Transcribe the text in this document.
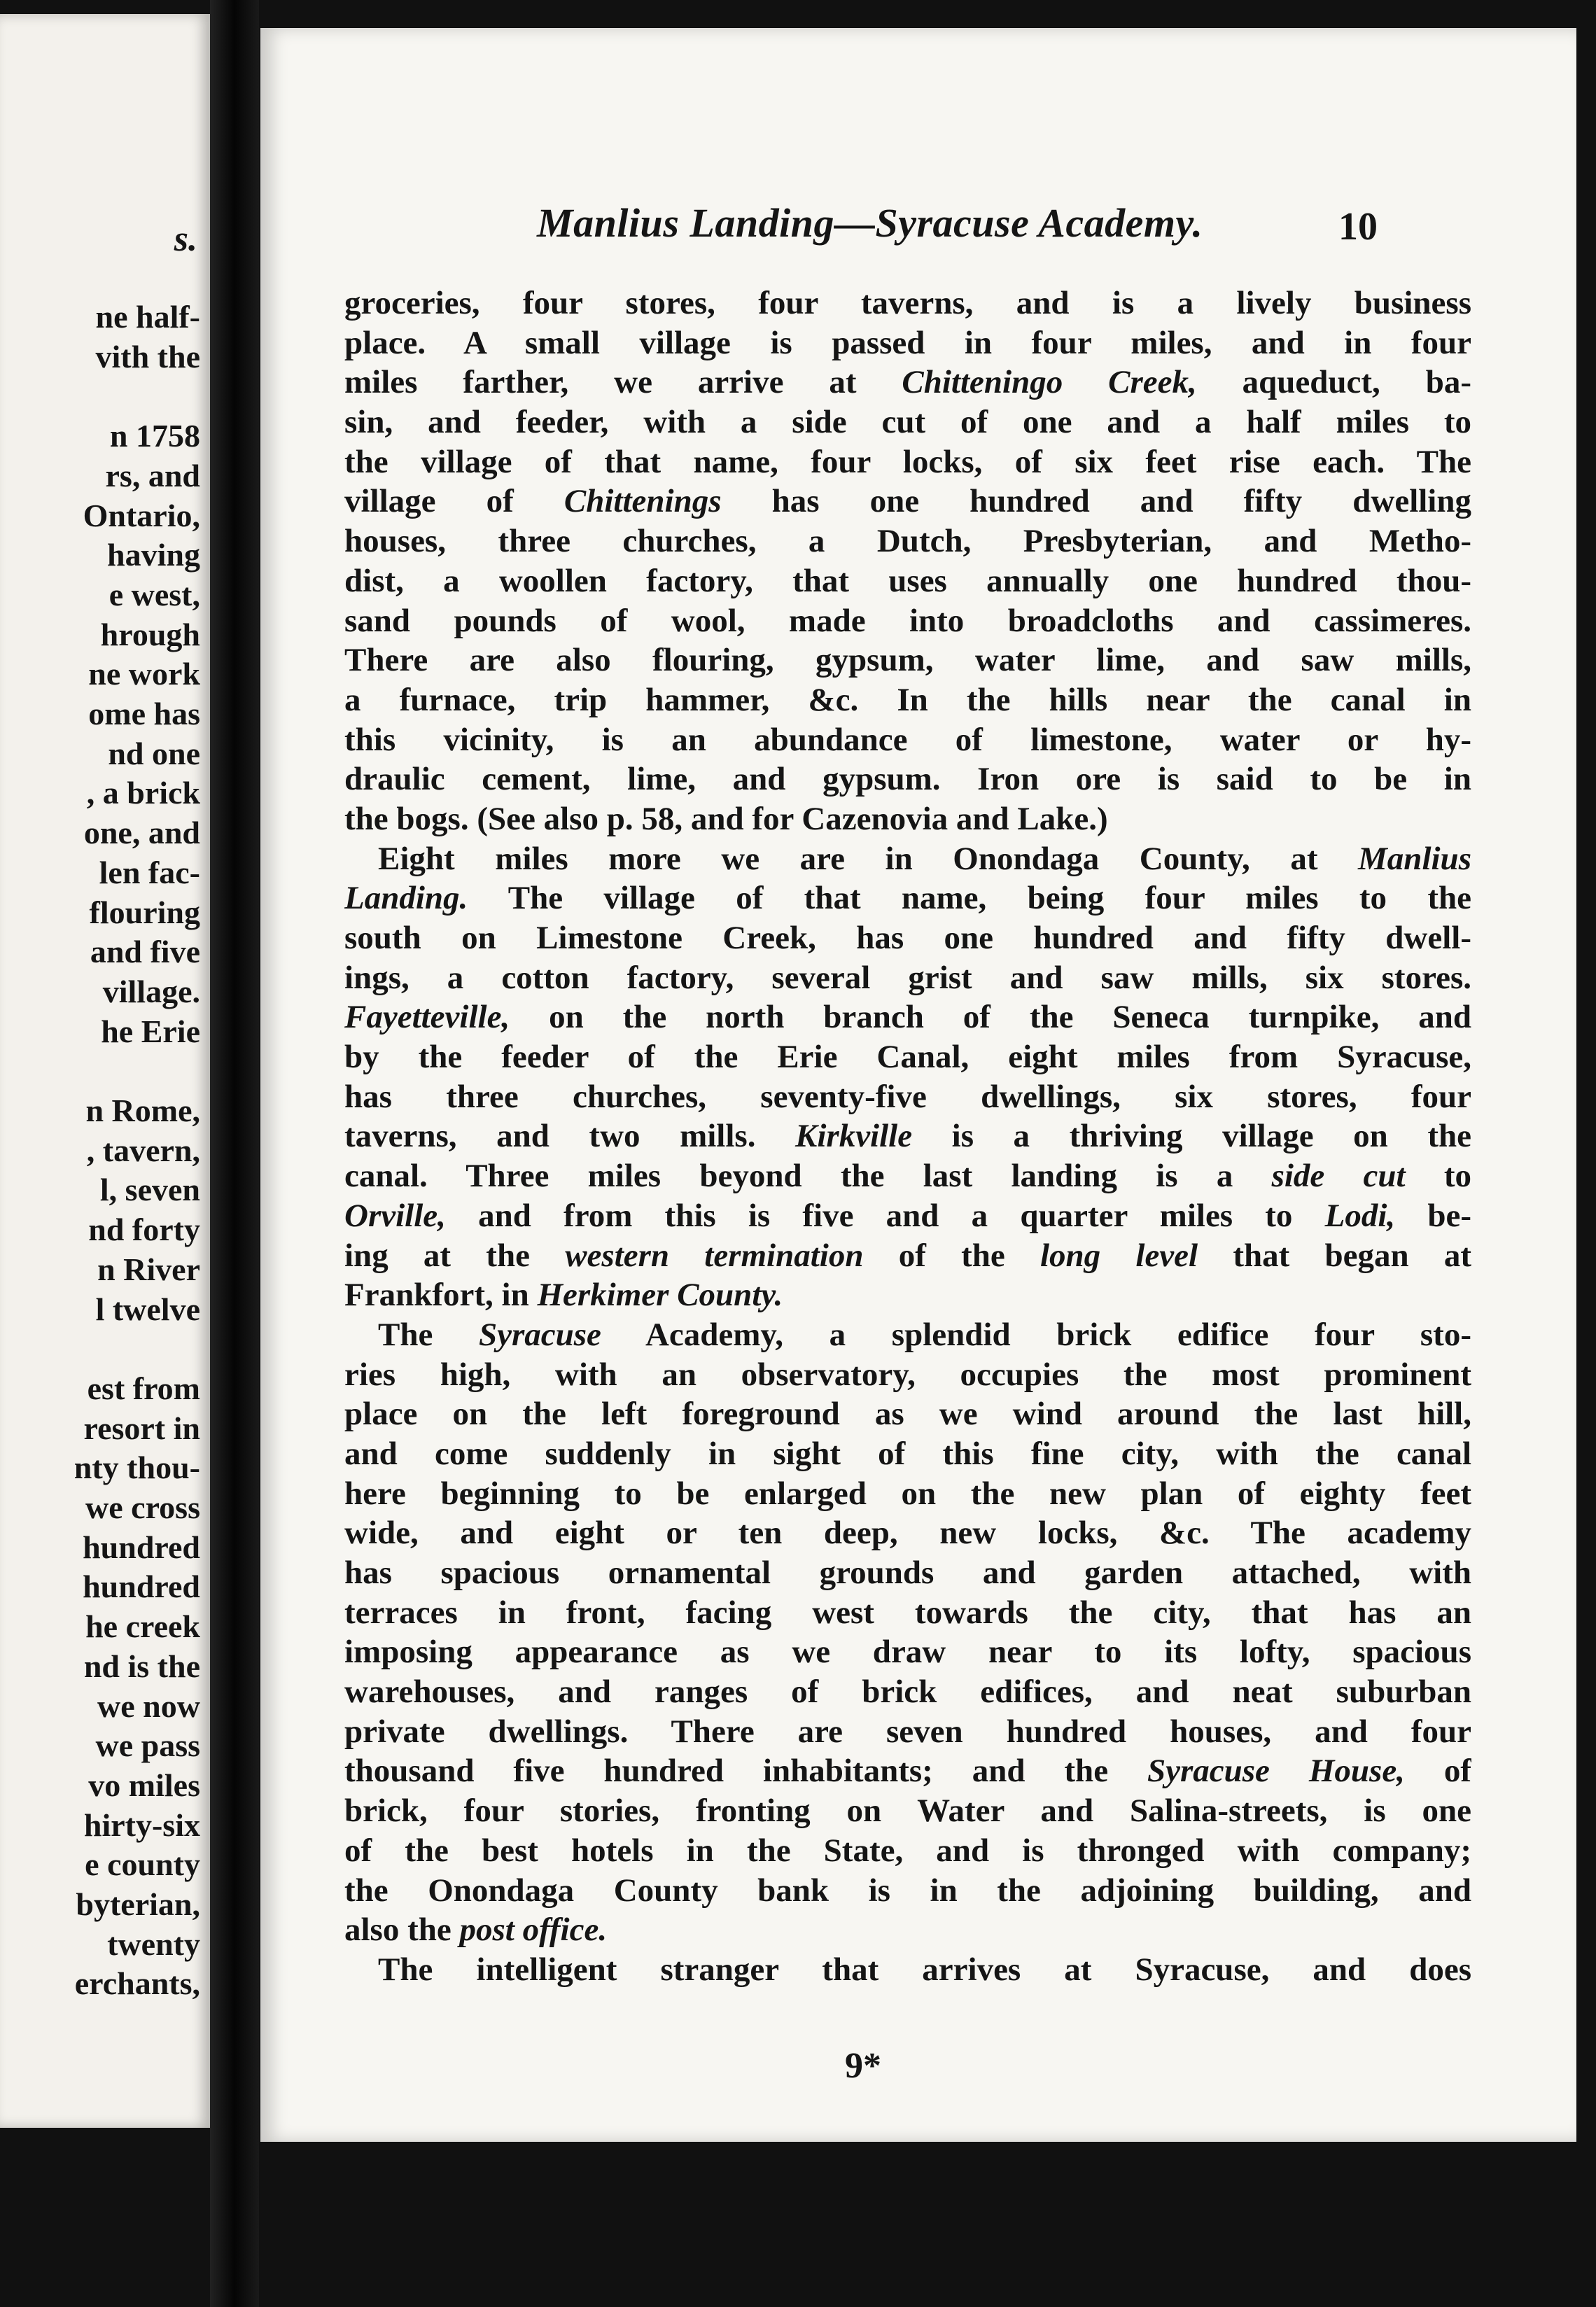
s.
ne half-
vith the
n 1758
rs, and
Ontario,
having
e west,
hrough
ne work
ome has
nd one
, a brick
one, and
len fac-
flouring
and five
village.
he Erie
n Rome,
, tavern,
l, seven
nd forty
n River
l twelve
est from
resort in
nty thou-
we cross
hundred
hundred
he creek
nd is the
we now
we pass
vo miles
hirty-six
e county
byterian,
twenty
erchants,
Manlius Landing—Syracuse Academy.	10
groceries, four stores, four taverns, and is a lively business
place. A small village is passed in four miles, and in four
miles farther, we arrive at Chitteningo Creek, aqueduct, ba-
sin, and feeder, with a side cut of one and a half miles to
the village of that name, four locks, of six feet rise each. The
village of Chittenings has one hundred and fifty dwelling
houses, three churches, a Dutch, Presbyterian, and Metho-
dist, a woollen factory, that uses annually one hundred thou-
sand pounds of wool, made into broadcloths and cassimeres.
There are also flouring, gypsum, water lime, and saw mills,
a furnace, trip hammer, &c. In the hills near the canal in
this vicinity, is an abundance of limestone, water or hy-
draulic cement, lime, and gypsum. Iron ore is said to be in
the bogs. (See also p. 58, and for Cazenovia and Lake.)
Eight miles more we are in Onondaga County, at Manlius
Landing. The village of that name, being four miles to the
south on Limestone Creek, has one hundred and fifty dwell-
ings, a cotton factory, several grist and saw mills, six stores.
Fayetteville, on the north branch of the Seneca turnpike, and
by the feeder of the Erie Canal, eight miles from Syracuse,
has three churches, seventy-five dwellings, six stores, four
taverns, and two mills. Kirkville is a thriving village on the
canal. Three miles beyond the last landing is a side cut to
Orville, and from this is five and a quarter miles to Lodi, be-
ing at the western termination of the long level that began at
Frankfort, in Herkimer County.
The Syracuse Academy, a splendid brick edifice four sto-
ries high, with an observatory, occupies the most prominent
place on the left foreground as we wind around the last hill,
and come suddenly in sight of this fine city, with the canal
here beginning to be enlarged on the new plan of eighty feet
wide, and eight or ten deep, new locks, &c. The academy
has spacious ornamental grounds and garden attached, with
terraces in front, facing west towards the city, that has an
imposing appearance as we draw near to its lofty, spacious
warehouses, and ranges of brick edifices, and neat suburban
private dwellings. There are seven hundred houses, and four
thousand five hundred inhabitants; and the Syracuse House, of
brick, four stories, fronting on Water and Salina-streets, is one
of the best hotels in the State, and is thronged with company;
the Onondaga County bank is in the adjoining building, and
also the post office.
The intelligent stranger that arrives at Syracuse, and does
9*
